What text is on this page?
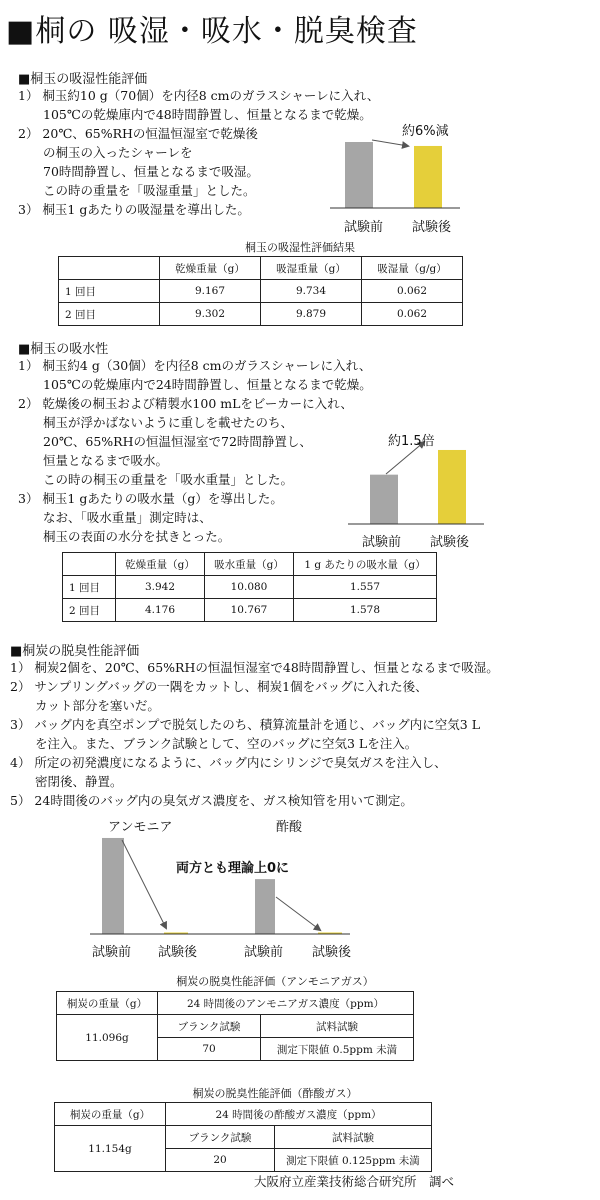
■桐の 吸湿・吸水・脱臭検査
■桐玉の吸湿性能評価
1） 桐玉約10 g（70個）を内径8 cmのガラスシャーレに入れ、
　　105℃の乾燥庫内で48時間静置し、恒量となるまで乾燥。
2） 20℃、65%RHの恒温恒湿室で乾燥後
　　の桐玉の入ったシャーレを
　　70時間静置し、恒量となるまで吸湿。
　　この時の重量を「吸湿重量」とした。
3） 桐玉1 gあたりの吸湿量を導出した。
約6%減
試験前 試験後
桐玉の吸湿性評価結果
	乾燥重量（g）	吸湿重量（g）	吸湿量（g/g）
1 回目	9.167	9.734	0.062
2 回目	9.302	9.879	0.062
■桐玉の吸水性
1） 桐玉約4 g（30個）を内径8 cmのガラスシャーレに入れ、
　　105℃の乾燥庫内で24時間静置し、恒量となるまで乾燥。
2） 乾燥後の桐玉および精製水100 mLをビーカーに入れ、
　　桐玉が浮かばないように重しを載せたのち、
　　20℃、65%RHの恒温恒湿室で72時間静置し、
　　恒量となるまで吸水。
　　この時の桐玉の重量を「吸水重量」とした。
3） 桐玉1 gあたりの吸水量（g）を導出した。
　　なお、「吸水重量」測定時は、
　　桐玉の表面の水分を拭きとった。
約1.5倍
試験前 試験後
	乾燥重量（g）	吸水重量（g）	1 g あたりの吸水量（g）
1 回目	3.942	10.080	1.557
2 回目	4.176	10.767	1.578
■桐炭の脱臭性能評価
1） 桐炭2個を、20℃、65%RHの恒温恒湿室で48時間静置し、恒量となるまで吸湿。
2） サンプリングバッグの一隅をカットし、桐炭1個をバッグに入れた後、
　　カット部分を塞いだ。
3） バッグ内を真空ポンプで脱気したのち、積算流量計を通じ、バッグ内に空気3 L
　　を注入。また、ブランク試験として、空のバッグに空気3 Lを注入。
4） 所定の初発濃度になるように、バッグ内にシリンジで臭気ガスを注入し、
　　密閉後、静置。
5） 24時間後のバッグ内の臭気ガス濃度を、ガス検知管を用いて測定。
アンモニア	酢酸
両方とも理論上0に
試験前 試験後	試験前 試験後
桐炭の脱臭性能評価（アンモニアガス）
桐炭の重量（g）	24 時間後のアンモニアガス濃度（ppm）	
11.096g	ブランク試験	試料試験
	70	測定下限値 0.5ppm 未満
桐炭の脱臭性能評価（酢酸ガス）
桐炭の重量（g）	24 時間後の酢酸ガス濃度（ppm）	
11.154g	ブランク試験	試料試験
	20	測定下限値 0.125ppm 未満
大阪府立産業技術総合研究所　調べ
